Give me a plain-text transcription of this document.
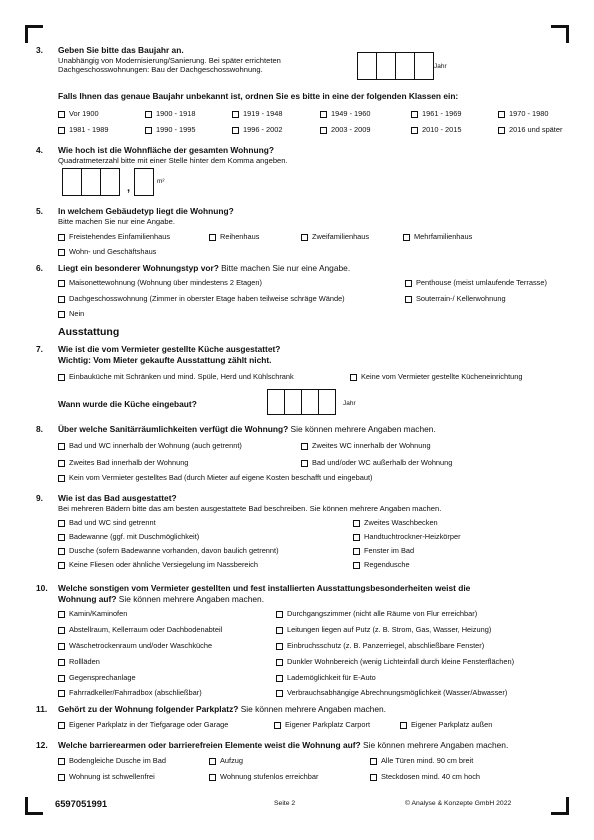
3. Geben Sie bitte das Baujahr an.
Unabhängig von Modernisierung/Sanierung. Bei später errichteten
Dachgeschosswohnungen: Bau der Dachgeschosswohnung.	Jahr
Falls Ihnen das genaue Baujahr unbekannt ist, ordnen Sie es bitte in eine der folgenden Klassen ein:
Vor 1900	1900 - 1918	1919 - 1948	1949 - 1960	1961 - 1969	1970 - 1980
1981 - 1989	1990 - 1995	1996 - 2002	2003 - 2009	2010 - 2015	2016 und später
4. Wie hoch ist die Wohnfläche der gesamten Wohnung?
Quadratmeterzahl bitte mit einer Stelle hinter dem Komma angeben.
,
m²
5. In welchem Gebäudetyp liegt die Wohnung?
Bitte machen Sie nur eine Angabe.
Freistehendes Einfamilienhaus	Reihenhaus	Zweifamilienhaus	Mehrfamilienhaus
Wohn- und Geschäftshaus
6. Liegt ein besonderer Wohnungstyp vor? Bitte machen Sie nur eine Angabe.
Maisonettewohnung (Wohnung über mindestens 2 Etagen)	Penthouse (meist umlaufende Terrasse)
Dachgeschosswohnung (Zimmer in oberster Etage haben teilweise schräge Wände)	Souterrain-/ Kellerwohnung
Nein
Ausstattung
7. Wie ist die vom Vermieter gestellte Küche ausgestattet?
Wichtig: Vom Mieter gekaufte Ausstattung zählt nicht.
Einbauküche mit Schränken und mind. Spüle, Herd und Kühlschrank	Keine vom Vermieter gestellte Kücheneinrichtung
Wann wurde die Küche eingebaut?	Jahr
8. Über welche Sanitärräumlichkeiten verfügt die Wohnung? Sie können mehrere Angaben machen.
Bad und WC innerhalb der Wohnung (auch getrennt)	Zweites WC innerhalb der Wohnung
Zweites Bad innerhalb der Wohnung	Bad und/oder WC außerhalb der Wohnung
Kein vom Vermieter gestelltes Bad (durch Mieter auf eigene Kosten beschafft und eingebaut)
9. Wie ist das Bad ausgestattet?
Bei mehreren Bädern bitte das am besten ausgestattete Bad beschreiben. Sie können mehrere Angaben machen.
Bad und WC sind getrennt	Zweites Waschbecken
Badewanne (ggf. mit Duschmöglichkeit)	Handtuchtrockner-Heizkörper
Dusche (sofern Badewanne vorhanden, davon baulich getrennt)	Fenster im Bad
Keine Fliesen oder ähnliche Versiegelung im Nassbereich	Regendusche
10. Welche sonstigen vom Vermieter gestellten und fest installierten Ausstattungsbesonderheiten weist die
Wohnung auf? Sie können mehrere Angaben machen.
Kamin/Kaminofen	Durchgangszimmer (nicht alle Räume von Flur erreichbar)
Abstellraum, Kellerraum oder Dachbodenabteil	Leitungen liegen auf Putz (z. B. Strom, Gas, Wasser, Heizung)
Wäschetrockenraum und/oder Waschküche	Einbruchsschutz (z. B. Panzerriegel, abschließbare Fenster)
Rollläden	Dunkler Wohnbereich (wenig Lichteinfall durch kleine Fensterflächen)
Gegensprechanlage	Lademöglichkeit für E-Auto
Fahrradkeller/Fahrradbox (abschließbar)	Verbrauchsabhängige Abrechnungsmöglichkeit (Wasser/Abwasser)
11. Gehört zu der Wohnung folgender Parkplatz? Sie können mehrere Angaben machen.
Eigener Parkplatz in der Tiefgarage oder Garage	Eigener Parkplatz Carport	Eigener Parkplatz außen
12. Welche barrierearmen oder barrierefreien Elemente weist die Wohnung auf? Sie können mehrere Angaben machen.
Bodengleiche Dusche im Bad	Aufzug	Alle Türen mind. 90 cm breit
Wohnung ist schwellenfrei	Wohnung stufenlos erreichbar	Steckdosen mind. 40 cm hoch
6597051991	Seite 2	© Analyse & Konzepte GmbH 2022
